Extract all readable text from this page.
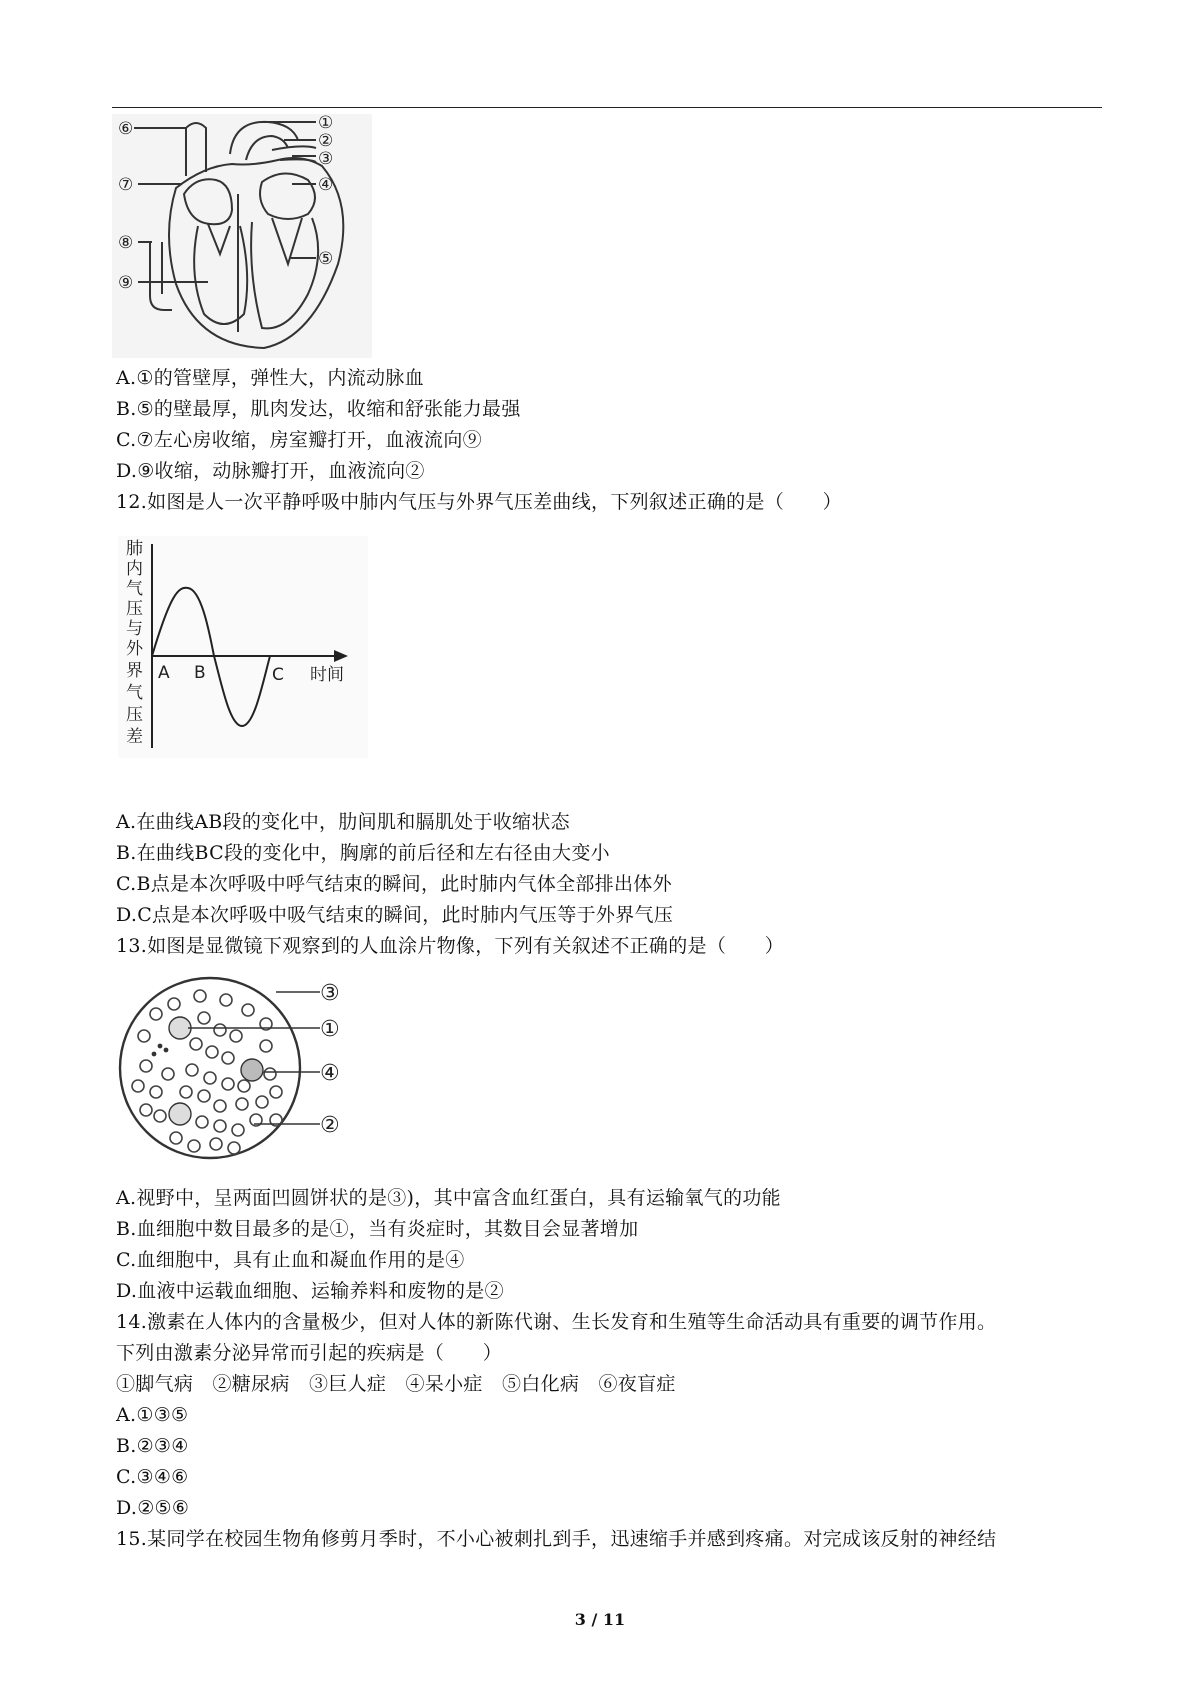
⑥
⑦
⑧
⑨
①
②
③
④
⑤
A.①的管壁厚，弹性大，内流动脉血
B.⑤的壁最厚，肌肉发达，收缩和舒张能力最强
C.⑦左心房收缩，房室瓣打开，血液流向⑨
D.⑨收缩，动脉瓣打开，血液流向②
12.如图是人一次平静呼吸中肺内气压与外界气压差曲线，下列叙述正确的是（　　）
肺
内
气
压
与
外
界
气
压
差
A B	C 时间
A.在曲线AB段的变化中，肋间肌和膈肌处于收缩状态
B.在曲线BC段的变化中，胸廓的前后径和左右径由大变小
C.B点是本次呼吸中呼气结束的瞬间，此时肺内气体全部排出体外
D.C点是本次呼吸中吸气结束的瞬间，此时肺内气压等于外界气压
13.如图是显微镜下观察到的人血涂片物像，下列有关叙述不正确的是（　　）
③
①
④
②
A.视野中，呈两面凹圆饼状的是③)，其中富含血红蛋白，具有运输氧气的功能
B.血细胞中数目最多的是①，当有炎症时，其数目会显著增加
C.血细胞中，具有止血和凝血作用的是④
D.血液中运载血细胞、运输养料和废物的是②
14.激素在人体内的含量极少，但对人体的新陈代谢、生长发育和生殖等生命活动具有重要的调节作用。
下列由激素分泌异常而引起的疾病是（　　）
①脚气病　②糖尿病　③巨人症　④呆小症　⑤白化病　⑥夜盲症
A.①③⑤
B.②③④
C.③④⑥
D.②⑤⑥
15.某同学在校园生物角修剪月季时，不小心被刺扎到手，迅速缩手并感到疼痛。对完成该反射的神经结
3 / 11
